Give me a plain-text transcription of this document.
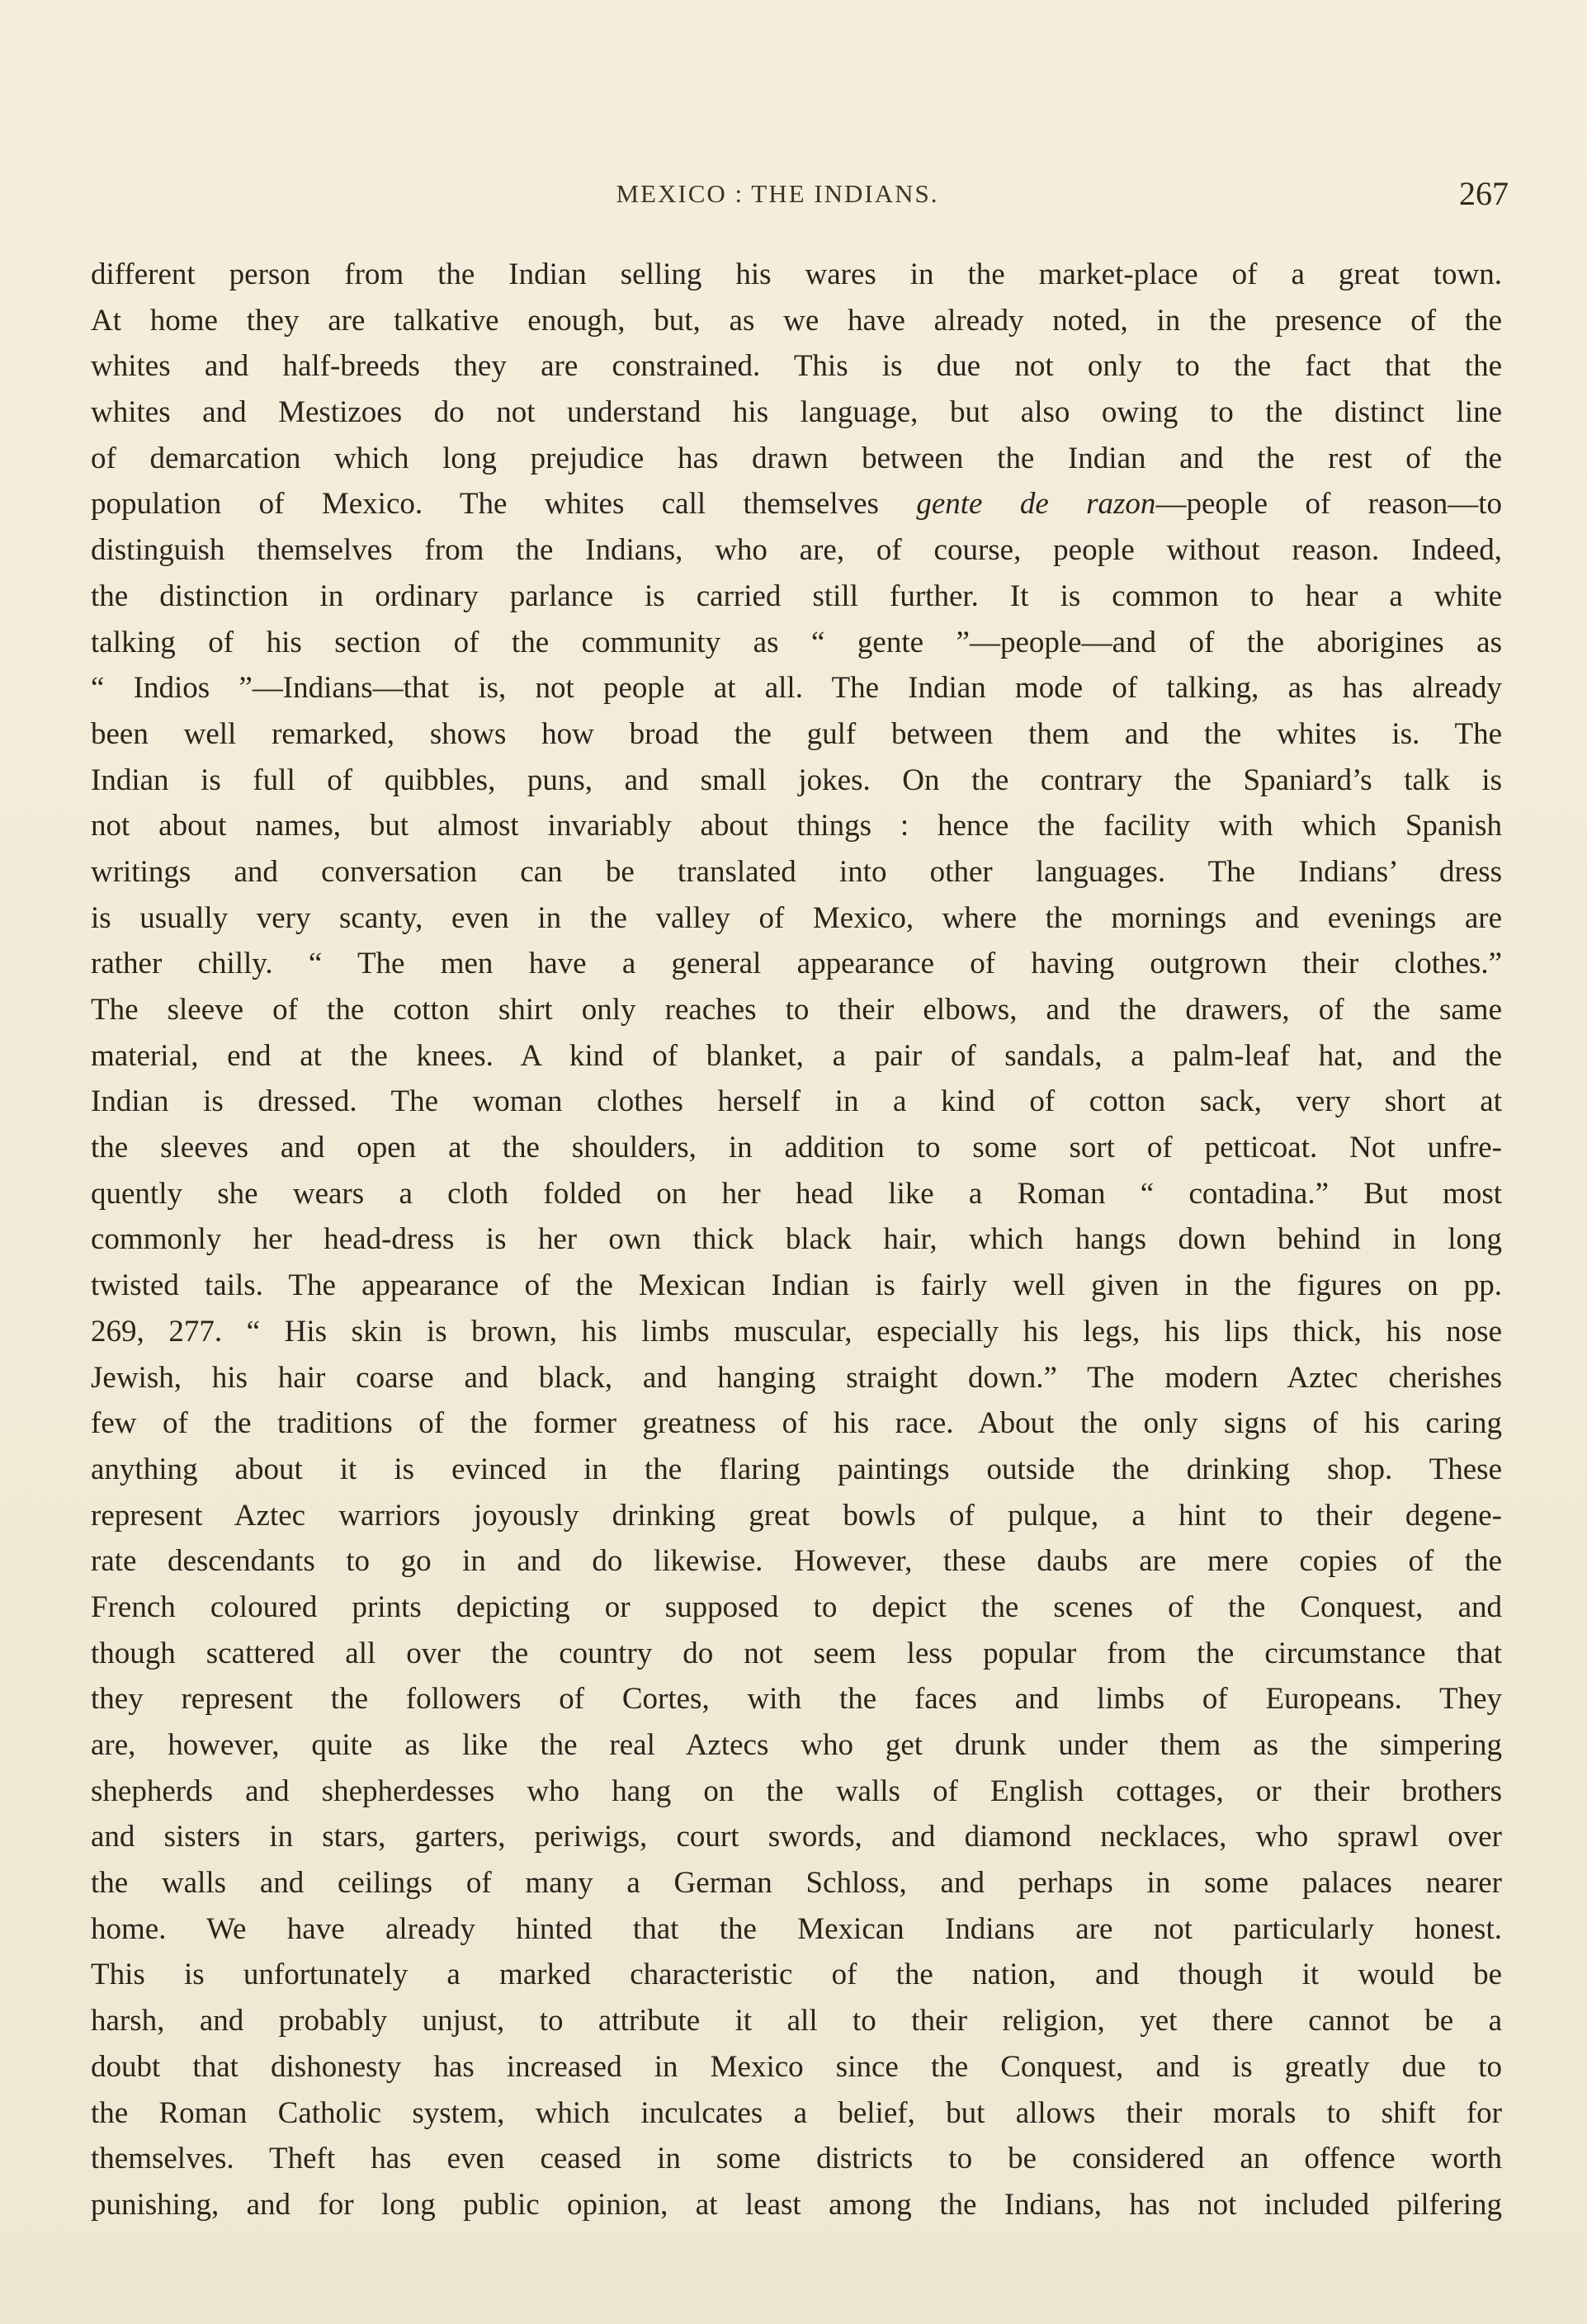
MEXICO : THE INDIANS.	267
different person from the Indian selling his wares in the market-place of a great town.
At home they are talkative enough, but, as we have already noted, in the presence of the
whites and half-breeds they are constrained. This is due not only to the fact that the
whites and Mestizoes do not understand his language, but also owing to the distinct line
of demarcation which long prejudice has drawn between the Indian and the rest of the
population of Mexico. The whites call themselves gente de razon—people of reason—to
distinguish themselves from the Indians, who are, of course, people without reason. Indeed,
the distinction in ordinary parlance is carried still further. It is common to hear a white
talking of his section of the community as “ gente ”—people—and of the aborigines as
“ Indios ”—Indians—that is, not people at all. The Indian mode of talking, as has already
been well remarked, shows how broad the gulf between them and the whites is. The
Indian is full of quibbles, puns, and small jokes. On the contrary the Spaniard’s talk is
not about names, but almost invariably about things : hence the facility with which Spanish
writings and conversation can be translated into other languages. The Indians’ dress
is usually very scanty, even in the valley of Mexico, where the mornings and evenings are
rather chilly. “ The men have a general appearance of having outgrown their clothes.”
The sleeve of the cotton shirt only reaches to their elbows, and the drawers, of the same
material, end at the knees. A kind of blanket, a pair of sandals, a palm-leaf hat, and the
Indian is dressed. The woman clothes herself in a kind of cotton sack, very short at
the sleeves and open at the shoulders, in addition to some sort of petticoat. Not unfre-
quently she wears a cloth folded on her head like a Roman “ contadina.” But most
commonly her head-dress is her own thick black hair, which hangs down behind in long
twisted tails. The appearance of the Mexican Indian is fairly well given in the figures on pp.
269, 277. “ His skin is brown, his limbs muscular, especially his legs, his lips thick, his nose
Jewish, his hair coarse and black, and hanging straight down.” The modern Aztec cherishes
few of the traditions of the former greatness of his race. About the only signs of his caring
anything about it is evinced in the flaring paintings outside the drinking shop. These
represent Aztec warriors joyously drinking great bowls of pulque, a hint to their degene-
rate descendants to go in and do likewise. However, these daubs are mere copies of the
French coloured prints depicting or supposed to depict the scenes of the Conquest, and
though scattered all over the country do not seem less popular from the circumstance that
they represent the followers of Cortes, with the faces and limbs of Europeans. They
are, however, quite as like the real Aztecs who get drunk under them as the simpering
shepherds and shepherdesses who hang on the walls of English cottages, or their brothers
and sisters in stars, garters, periwigs, court swords, and diamond necklaces, who sprawl over
the walls and ceilings of many a German Schloss, and perhaps in some palaces nearer
home. We have already hinted that the Mexican Indians are not particularly honest.
This is unfortunately a marked characteristic of the nation, and though it would be
harsh, and probably unjust, to attribute it all to their religion, yet there cannot be a
doubt that dishonesty has increased in Mexico since the Conquest, and is greatly due to
the Roman Catholic system, which inculcates a belief, but allows their morals to shift for
themselves. Theft has even ceased in some districts to be considered an offence worth
punishing, and for long public opinion, at least among the Indians, has not included pilfering
